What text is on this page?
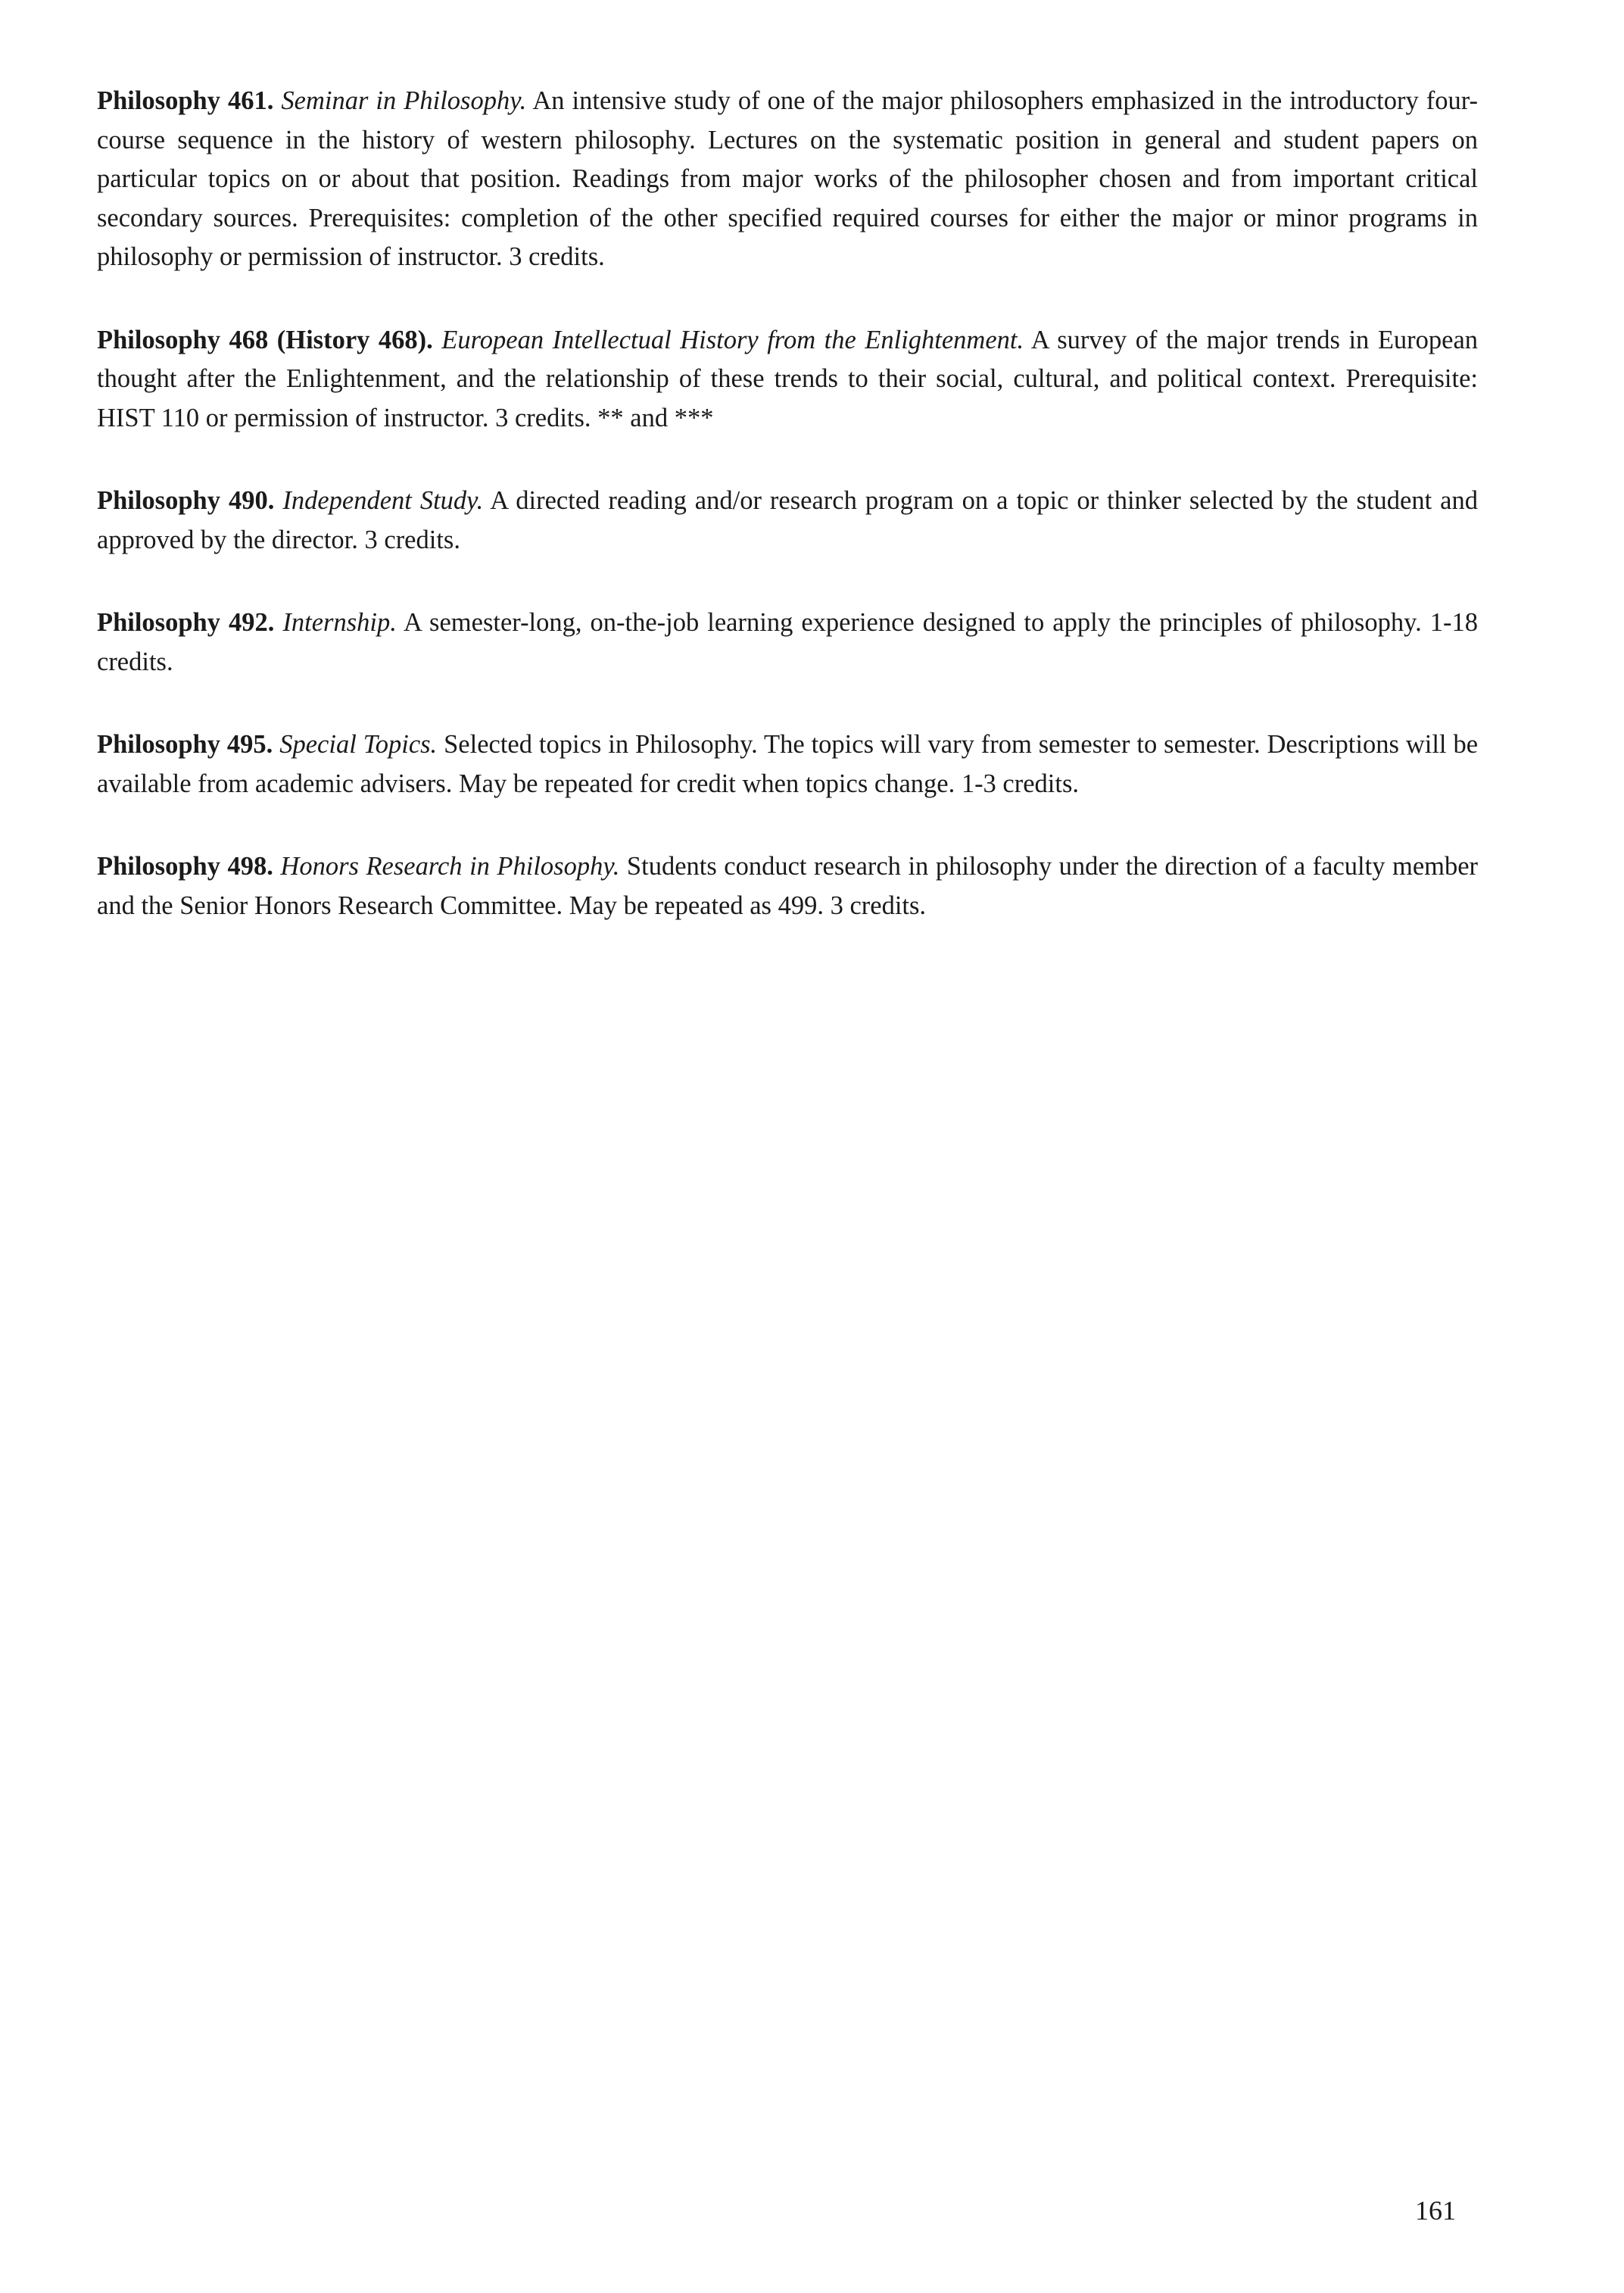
Philosophy 461. Seminar in Philosophy. An intensive study of one of the major philosophers emphasized in the introductory four-course sequence in the history of western philosophy. Lectures on the systematic position in general and student papers on particular topics on or about that position. Readings from major works of the philosopher chosen and from important critical secondary sources. Prerequisites: completion of the other specified required courses for either the major or minor programs in philosophy or permission of instructor. 3 credits.

Philosophy 468 (History 468). European Intellectual History from the Enlightenment. A survey of the major trends in European thought after the Enlightenment, and the relationship of these trends to their social, cultural, and political context. Prerequisite: HIST 110 or permission of instructor. 3 credits. ** and ***

Philosophy 490. Independent Study. A directed reading and/or research program on a topic or thinker selected by the student and approved by the director. 3 credits.

Philosophy 492. Internship. A semester-long, on-the-job learning experience designed to apply the principles of philosophy. 1-18 credits.

Philosophy 495. Special Topics. Selected topics in Philosophy. The topics will vary from semester to semester. Descriptions will be available from academic advisers. May be repeated for credit when topics change. 1-3 credits.

Philosophy 498. Honors Research in Philosophy. Students conduct research in philosophy under the direction of a faculty member and the Senior Honors Research Committee. May be repeated as 499. 3 credits.

161
